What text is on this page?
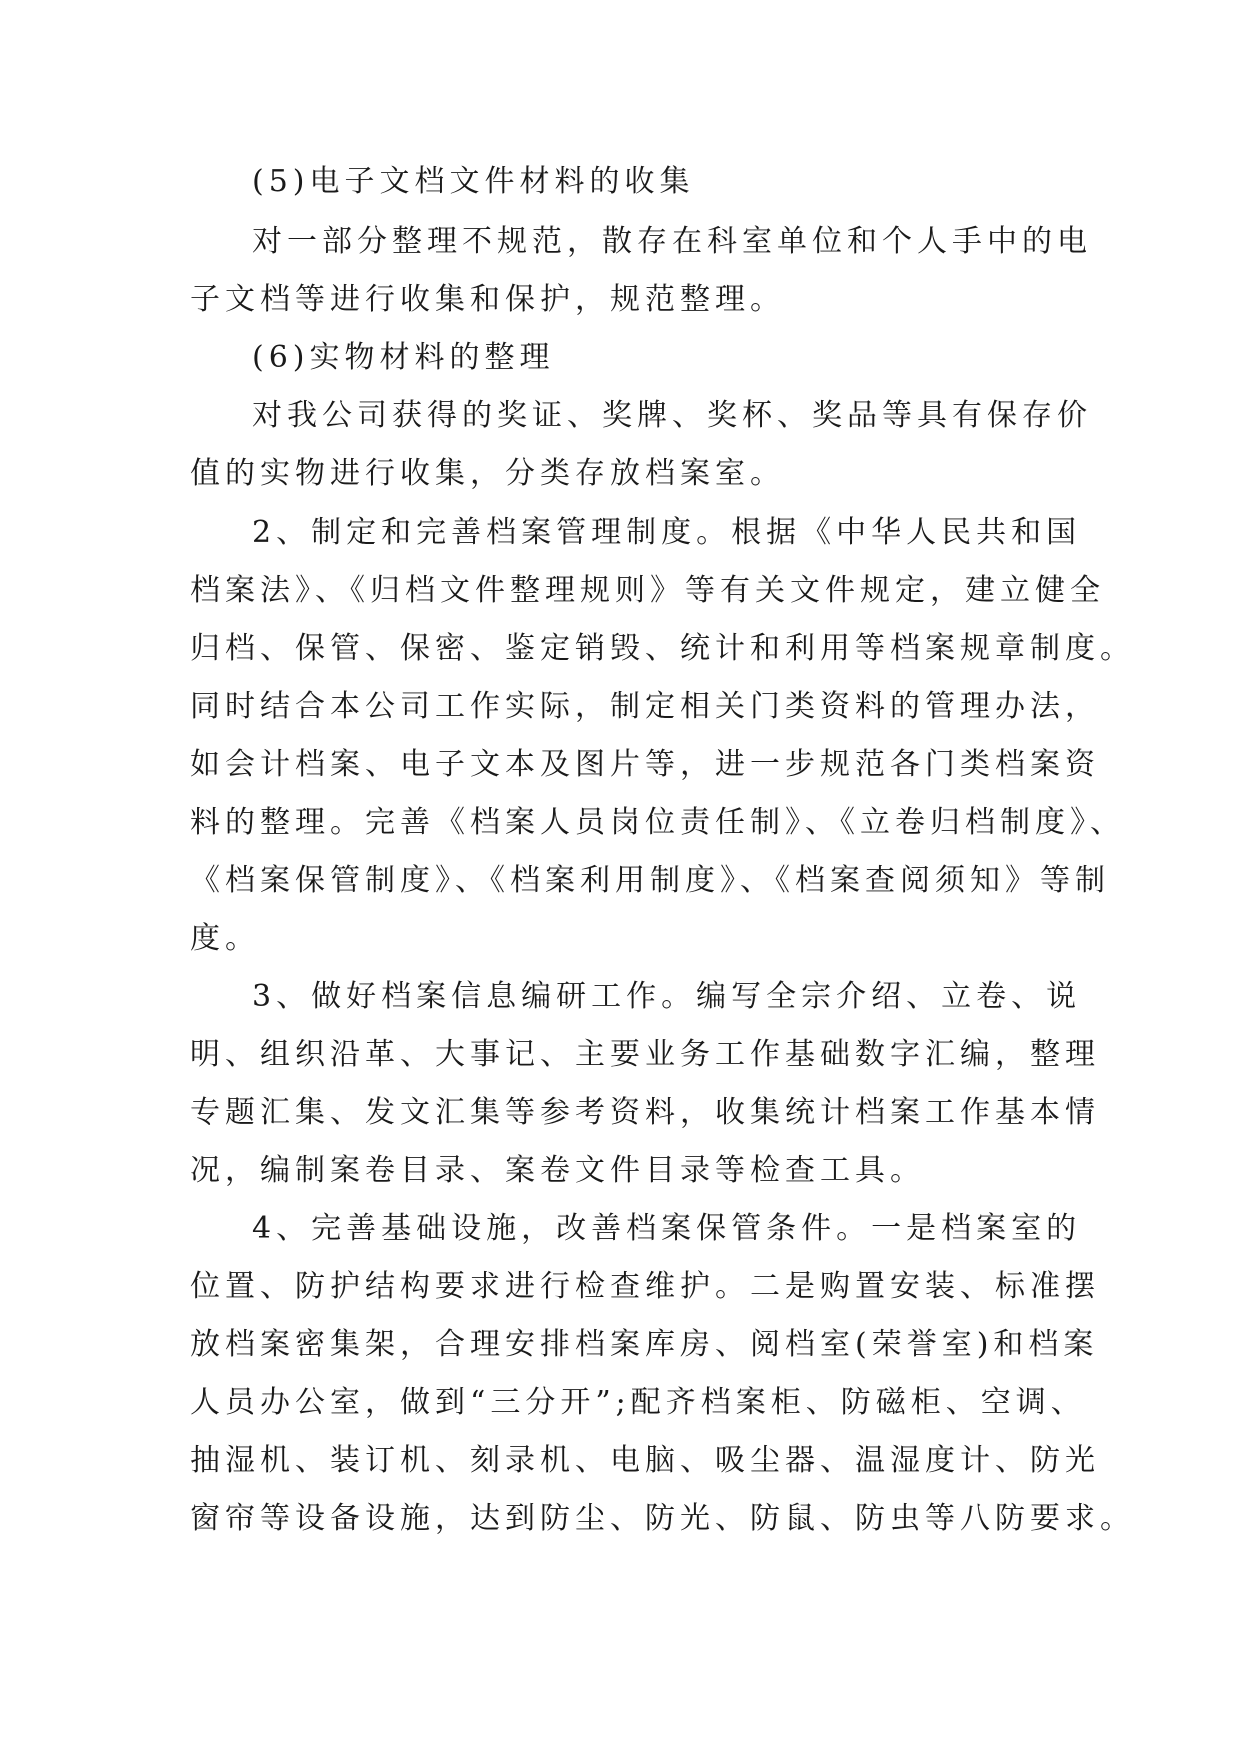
(5)电子文档文件材料的收集
对一部分整理不规范，散存在科室单位和个人手中的电
子文档等进行收集和保护，规范整理。
(6)实物材料的整理
对我公司获得的奖证、奖牌、奖杯、奖品等具有保存价
值的实物进行收集，分类存放档案室。
2、制定和完善档案管理制度。根据《中华人民共和国
档案法》、《归档文件整理规则》等有关文件规定，建立健全
归档、保管、保密、鉴定销毁、统计和利用等档案规章制度。
同时结合本公司工作实际，制定相关门类资料的管理办法，
如会计档案、电子文本及图片等，进一步规范各门类档案资
料的整理。完善《档案人员岗位责任制》、《立卷归档制度》、
《档案保管制度》、《档案利用制度》、《档案查阅须知》等制
度。
3、做好档案信息编研工作。编写全宗介绍、立卷、说
明、组织沿革、大事记、主要业务工作基础数字汇编，整理
专题汇集、发文汇集等参考资料，收集统计档案工作基本情
况，编制案卷目录、案卷文件目录等检查工具。
4、完善基础设施，改善档案保管条件。一是档案室的
位置、防护结构要求进行检查维护。二是购置安装、标准摆
放档案密集架，合理安排档案库房、阅档室(荣誉室)和档案
人员办公室，做到“三分开”;配齐档案柜、防磁柜、空调、
抽湿机、装订机、刻录机、电脑、吸尘器、温湿度计、防光
窗帘等设备设施，达到防尘、防光、防鼠、防虫等八防要求。
